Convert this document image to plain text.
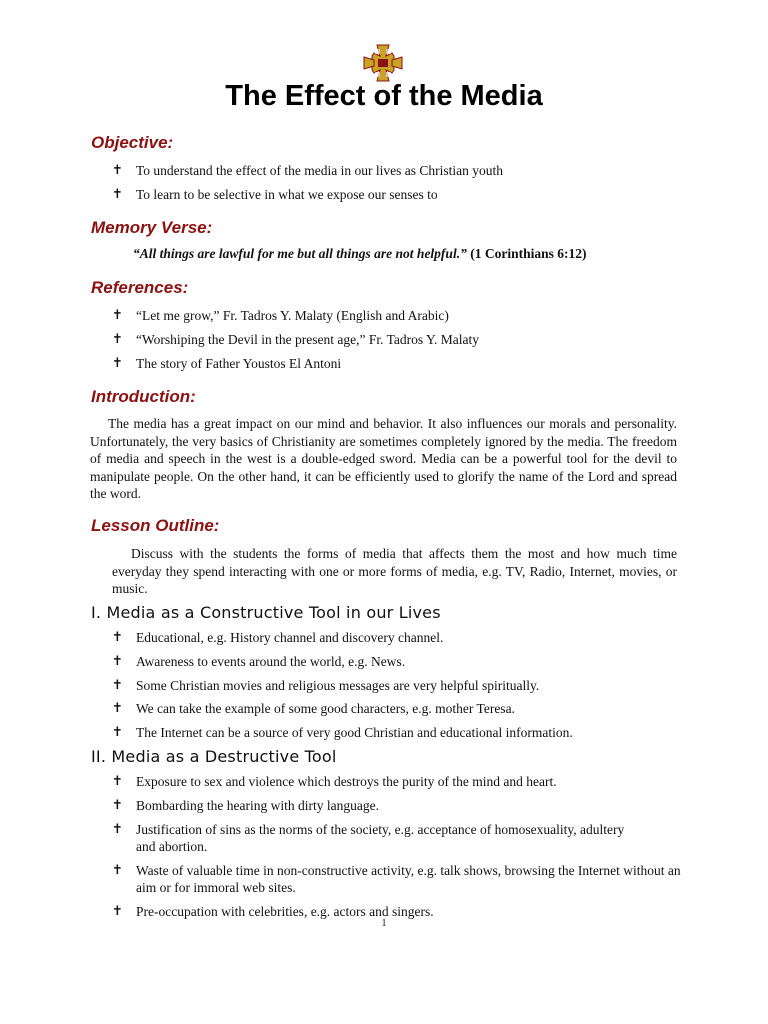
The Effect of the Media
Objective:
✝ To understand the effect of the media in our lives as Christian youth
✝ To learn to be selective in what we expose our senses to
Memory Verse:
“All things are lawful for me but all things are not helpful.” (1 Corinthians 6:12)
References:
✝ “Let me grow,” Fr. Tadros Y. Malaty (English and Arabic)
✝ “Worshiping the Devil in the present age,” Fr. Tadros Y. Malaty
✝ The story of Father Youstos El Antoni
Introduction:
The media has a great impact on our mind and behavior. It also influences our morals and personality. Unfortunately, the very basics of Christianity are sometimes completely ignored by the media. The freedom of media and speech in the west is a double-edged sword. Media can be a powerful tool for the devil to manipulate people. On the other hand, it can be efficiently used to glorify the name of the Lord and spread the word.
Lesson Outline:
Discuss with the students the forms of media that affects them the most and how much time everyday they spend interacting with one or more forms of media, e.g. TV, Radio, Internet, movies, or music.
I. Media as a Constructive Tool in our Lives
✝ Educational, e.g. History channel and discovery channel.
✝ Awareness to events around the world, e.g. News.
✝ Some Christian movies and religious messages are very helpful spiritually.
✝ We can take the example of some good characters, e.g. mother Teresa.
✝ The Internet can be a source of very good Christian and educational information.
II. Media as a Destructive Tool
✝ Exposure to sex and violence which destroys the purity of the mind and heart.
✝ Bombarding the hearing with dirty language.
✝ Justification of sins as the norms of the society, e.g. acceptance of homosexuality, adultery and abortion.
✝ Waste of valuable time in non-constructive activity, e.g. talk shows, browsing the Internet without an aim or for immoral web sites.
✝ Pre-occupation with celebrities, e.g. actors and singers.
1
